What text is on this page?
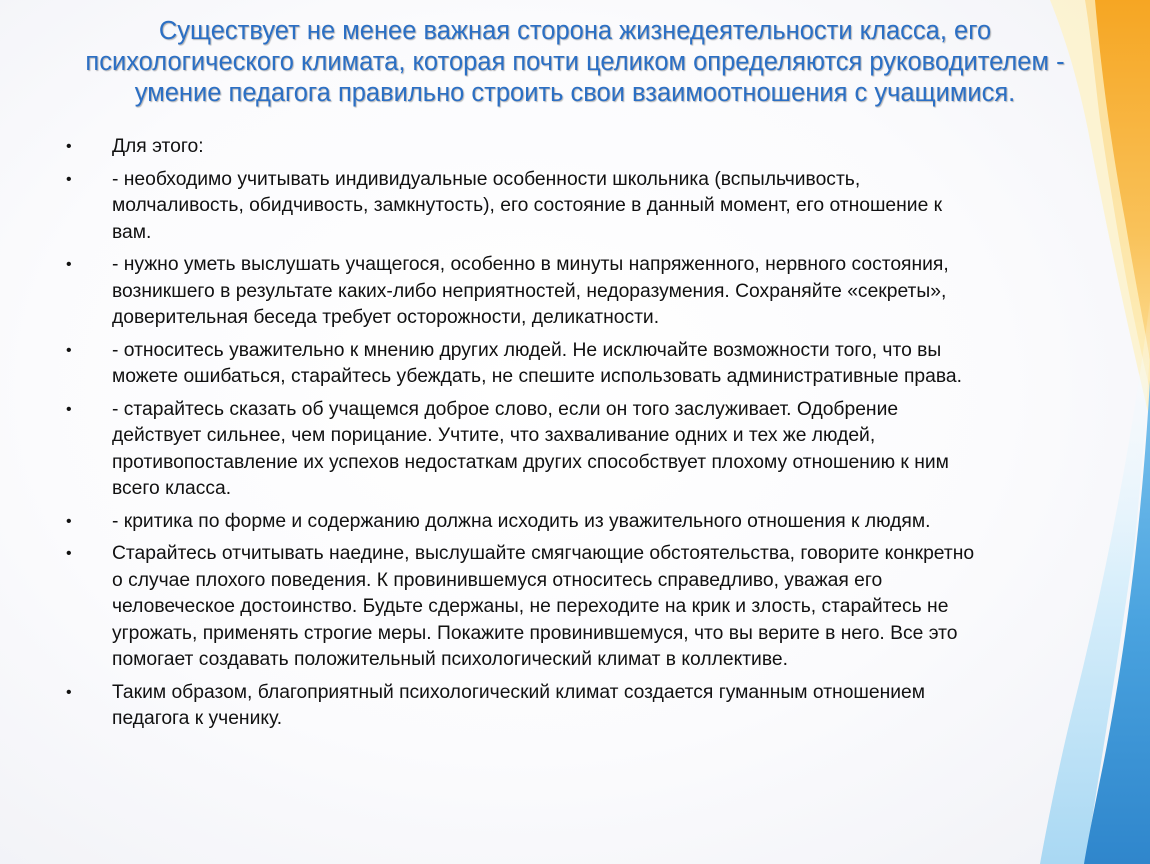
Существует не менее важная сторона жизнедеятельности класса, его психологического климата, которая почти целиком определяются руководителем - умение педагога правильно строить свои взаимоотношения с учащимися.
• Для этого:
• - необходимо учитывать индивидуальные особенности школьника (вспыльчивость, молчаливость, обидчивость, замкнутость), его состояние в данный момент, его отношение к вам.
• - нужно уметь выслушать учащегося, особенно в минуты напряженного, нервного состояния, возникшего в результате каких-либо неприятностей, недоразумения. Сохраняйте «секреты», доверительная беседа требует осторожности, деликатности.
• - относитесь уважительно к мнению других людей. Не исключайте возможности того, что вы можете ошибаться, старайтесь убеждать, не спешите использовать административные права.
• - старайтесь сказать об учащемся доброе слово, если он того заслуживает. Одобрение действует сильнее, чем порицание. Учтите, что захваливание одних и тех же людей, противопоставление их успехов недостаткам других способствует плохому отношению к ним всего класса.
• - критика по форме и содержанию должна исходить из уважительного отношения к людям.
• Старайтесь отчитывать наедине, выслушайте смягчающие обстоятельства, говорите конкретно о случае плохого поведения. К провинившемуся относитесь справедливо, уважая его человеческое достоинство. Будьте сдержаны, не переходите на крик и злость, старайтесь не угрожать, применять строгие меры. Покажите провинившемуся, что вы верите в него. Все это помогает создавать положительный психологический климат в коллективе.
• Таким образом, благоприятный психологический климат создается гуманным отношением педагога к ученику.
